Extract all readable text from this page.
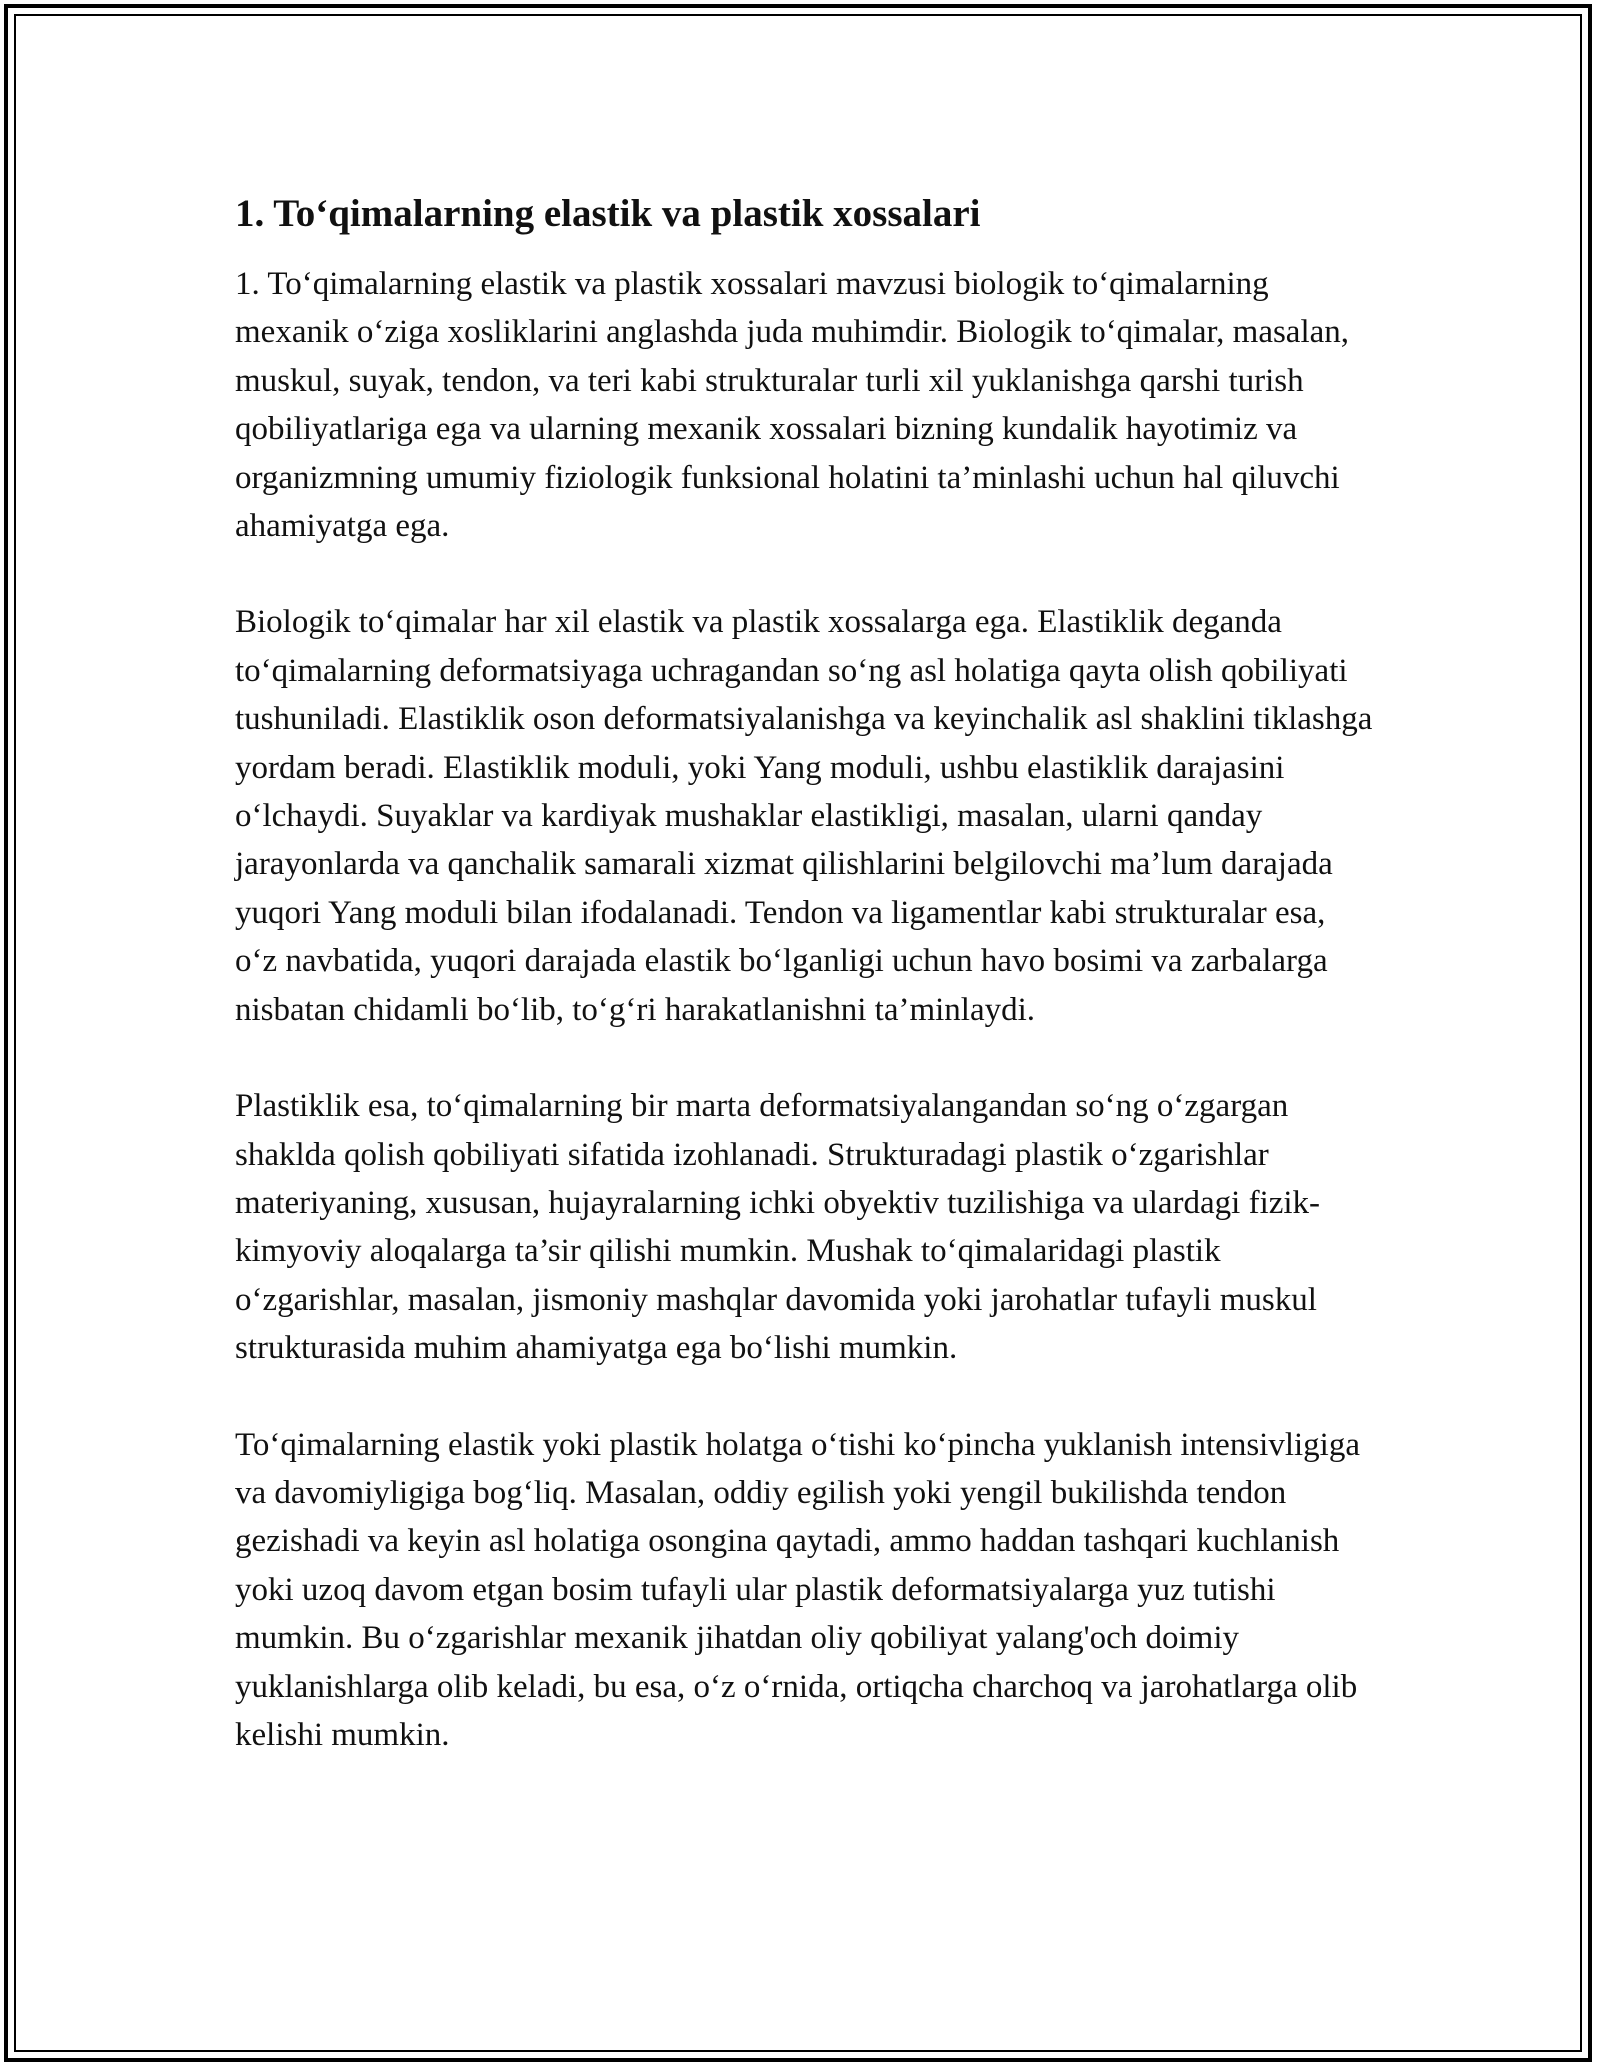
1. To‘qimalarning elastik va plastik xossalari

1. To‘qimalarning elastik va plastik xossalari mavzusi biologik to‘qimalarning mexanik o‘ziga xosliklarini anglashda juda muhimdir. Biologik to‘qimalar, masalan, muskul, suyak, tendon, va teri kabi strukturalar turli xil yuklanishga qarshi turish qobiliyatlariga ega va ularning mexanik xossalari bizning kundalik hayotimiz va organizmning umumiy fiziologik funksional holatini ta’minlashi uchun hal qiluvchi ahamiyatga ega.

Biologik to‘qimalar har xil elastik va plastik xossalarga ega. Elastiklik deganda to‘qimalarning deformatsiyaga uchragandan so‘ng asl holatiga qayta olish qobiliyati tushuniladi. Elastiklik oson deformatsiyalanishga va keyinchalik asl shaklini tiklashga yordam beradi. Elastiklik moduli, yoki Yang moduli, ushbu elastiklik darajasini o‘lchaydi. Suyaklar va kardiyak mushaklar elastikligi, masalan, ularni qanday jarayonlarda va qanchalik samarali xizmat qilishlarini belgilovchi ma’lum darajada yuqori Yang moduli bilan ifodalanadi. Tendon va ligamentlar kabi strukturalar esa, o‘z navbatida, yuqori darajada elastik bo‘lganligi uchun havo bosimi va zarbalarga nisbatan chidamli bo‘lib, to‘g‘ri harakatlanishni ta’minlaydi.

Plastiklik esa, to‘qimalarning bir marta deformatsiyalangandan so‘ng o‘zgargan shaklda qolish qobiliyati sifatida izohlanadi. Strukturadagi plastik o‘zgarishlar materiyaning, xususan, hujayralarning ichki obyektiv tuzilishiga va ulardagi fizik-kimyoviy aloqalarga ta’sir qilishi mumkin. Mushak to‘qimalaridagi plastik o‘zgarishlar, masalan, jismoniy mashqlar davomida yoki jarohatlar tufayli muskul strukturasida muhim ahamiyatga ega bo‘lishi mumkin.

To‘qimalarning elastik yoki plastik holatga o‘tishi ko‘pincha yuklanish intensivligiga va davomiyligiga bog‘liq. Masalan, oddiy egilish yoki yengil bukilishda tendon gezishadi va keyin asl holatiga osongina qaytadi, ammo haddan tashqari kuchlanish yoki uzoq davom etgan bosim tufayli ular plastik deformatsiyalarga yuz tutishi mumkin. Bu o‘zgarishlar mexanik jihatdan oliy qobiliyat yalang'och doimiy yuklanishlarga olib keladi, bu esa, o‘z o‘rnida, ortiqcha charchoq va jarohatlarga olib kelishi mumkin.
